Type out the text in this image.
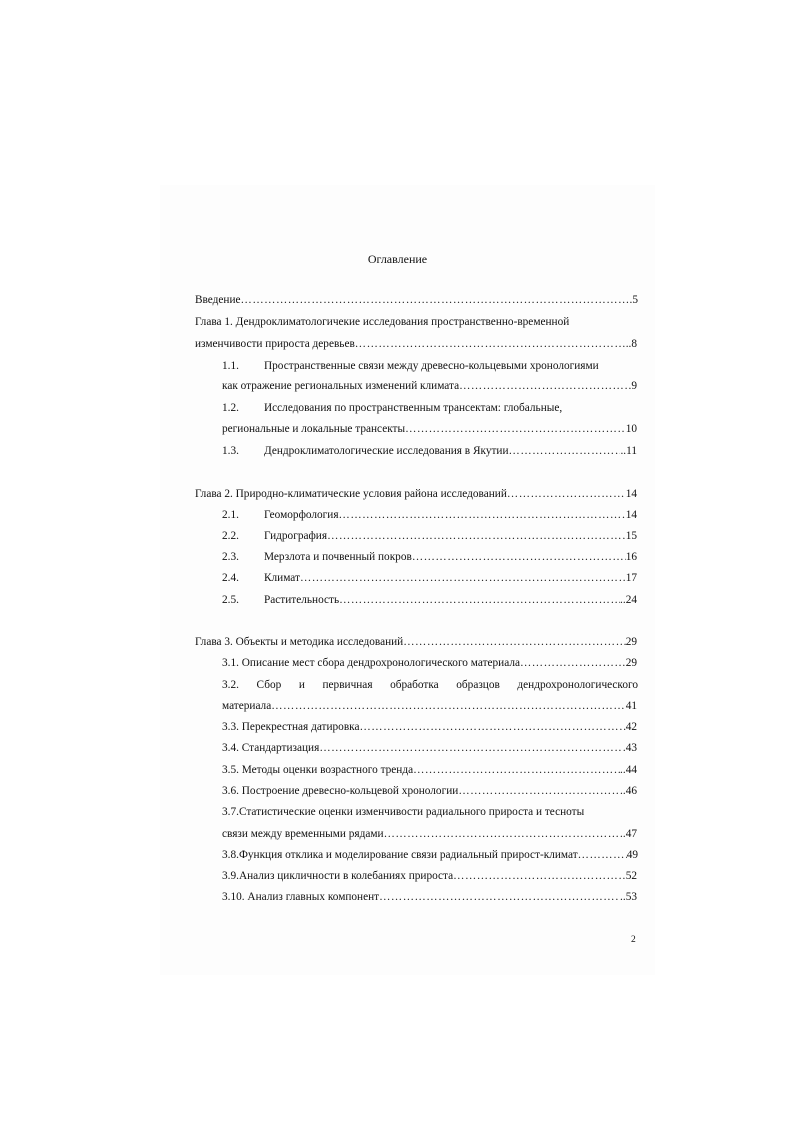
Оглавление
Введение …………………………………………………………………………………………………………………………………………………………………………………………	.5
Глава 1. Дендроклиматологичекие исследования пространственно-временной
изменчивости прироста деревьев …………………………………………………………………………………………………………………………………………………………………………………………	..8
1.1. Пространственные связи между древесно-кольцевыми хронологиями
как отражение региональных изменений климата …………………………………………………………………………………………………………………………………………………………………………………………	.9
1.2. Исследования по пространственным трансектам: глобальные,
региональные и локальные трансекты …………………………………………………………………………………………………………………………………………………………………………………………	10
1.3. Дендроклиматологические исследования в Якутии …………………………………………………………………………………………………………………………………………………………………………………………	..11
Глава 2. Природно-климатические условия района исследований …………………………………………………………………………………………………………………………………………………………………………………………	14
2.1. Геоморфология …………………………………………………………………………………………………………………………………………………………………………………………	14
2.2. Гидрография …………………………………………………………………………………………………………………………………………………………………………………………	15
2.3. Мерзлота и почвенный покров …………………………………………………………………………………………………………………………………………………………………………………………	16
2.4. Климат …………………………………………………………………………………………………………………………………………………………………………………………	17
2.5. Растительность …………………………………………………………………………………………………………………………………………………………………………………………	..24
Глава 3. Объекты и методика исследований …………………………………………………………………………………………………………………………………………………………………………………………	29
3.1. Описание мест сбора дендрохронологического материала …………………………………………………………………………………………………………………………………………………………………………………………	29
3.2. Сбор и первичная обработка образцов дендрохронологического
материала …………………………………………………………………………………………………………………………………………………………………………………………	41
3.3. Перекрестная датировка …………………………………………………………………………………………………………………………………………………………………………………………	42
3.4. Стандартизация …………………………………………………………………………………………………………………………………………………………………………………………	.43
3.5. Методы оценки возрастного тренда …………………………………………………………………………………………………………………………………………………………………………………………	..44
3.6. Построение древесно-кольцевой хронологии …………………………………………………………………………………………………………………………………………………………………………………………	..46
3.7.Статистические оценки изменчивости радиального прироста и тесноты
связи между временными рядами …………………………………………………………………………………………………………………………………………………………………………………………	.47
3.8.Функция отклика и моделирование связи радиальный прирост-климат …………………………………………………………………………………………………………………………………………………………………………………………	49
3.9.Анализ цикличности в колебаниях прироста …………………………………………………………………………………………………………………………………………………………………………………………	52
3.10. Анализ главных компонент …………………………………………………………………………………………………………………………………………………………………………………………	..53
2
